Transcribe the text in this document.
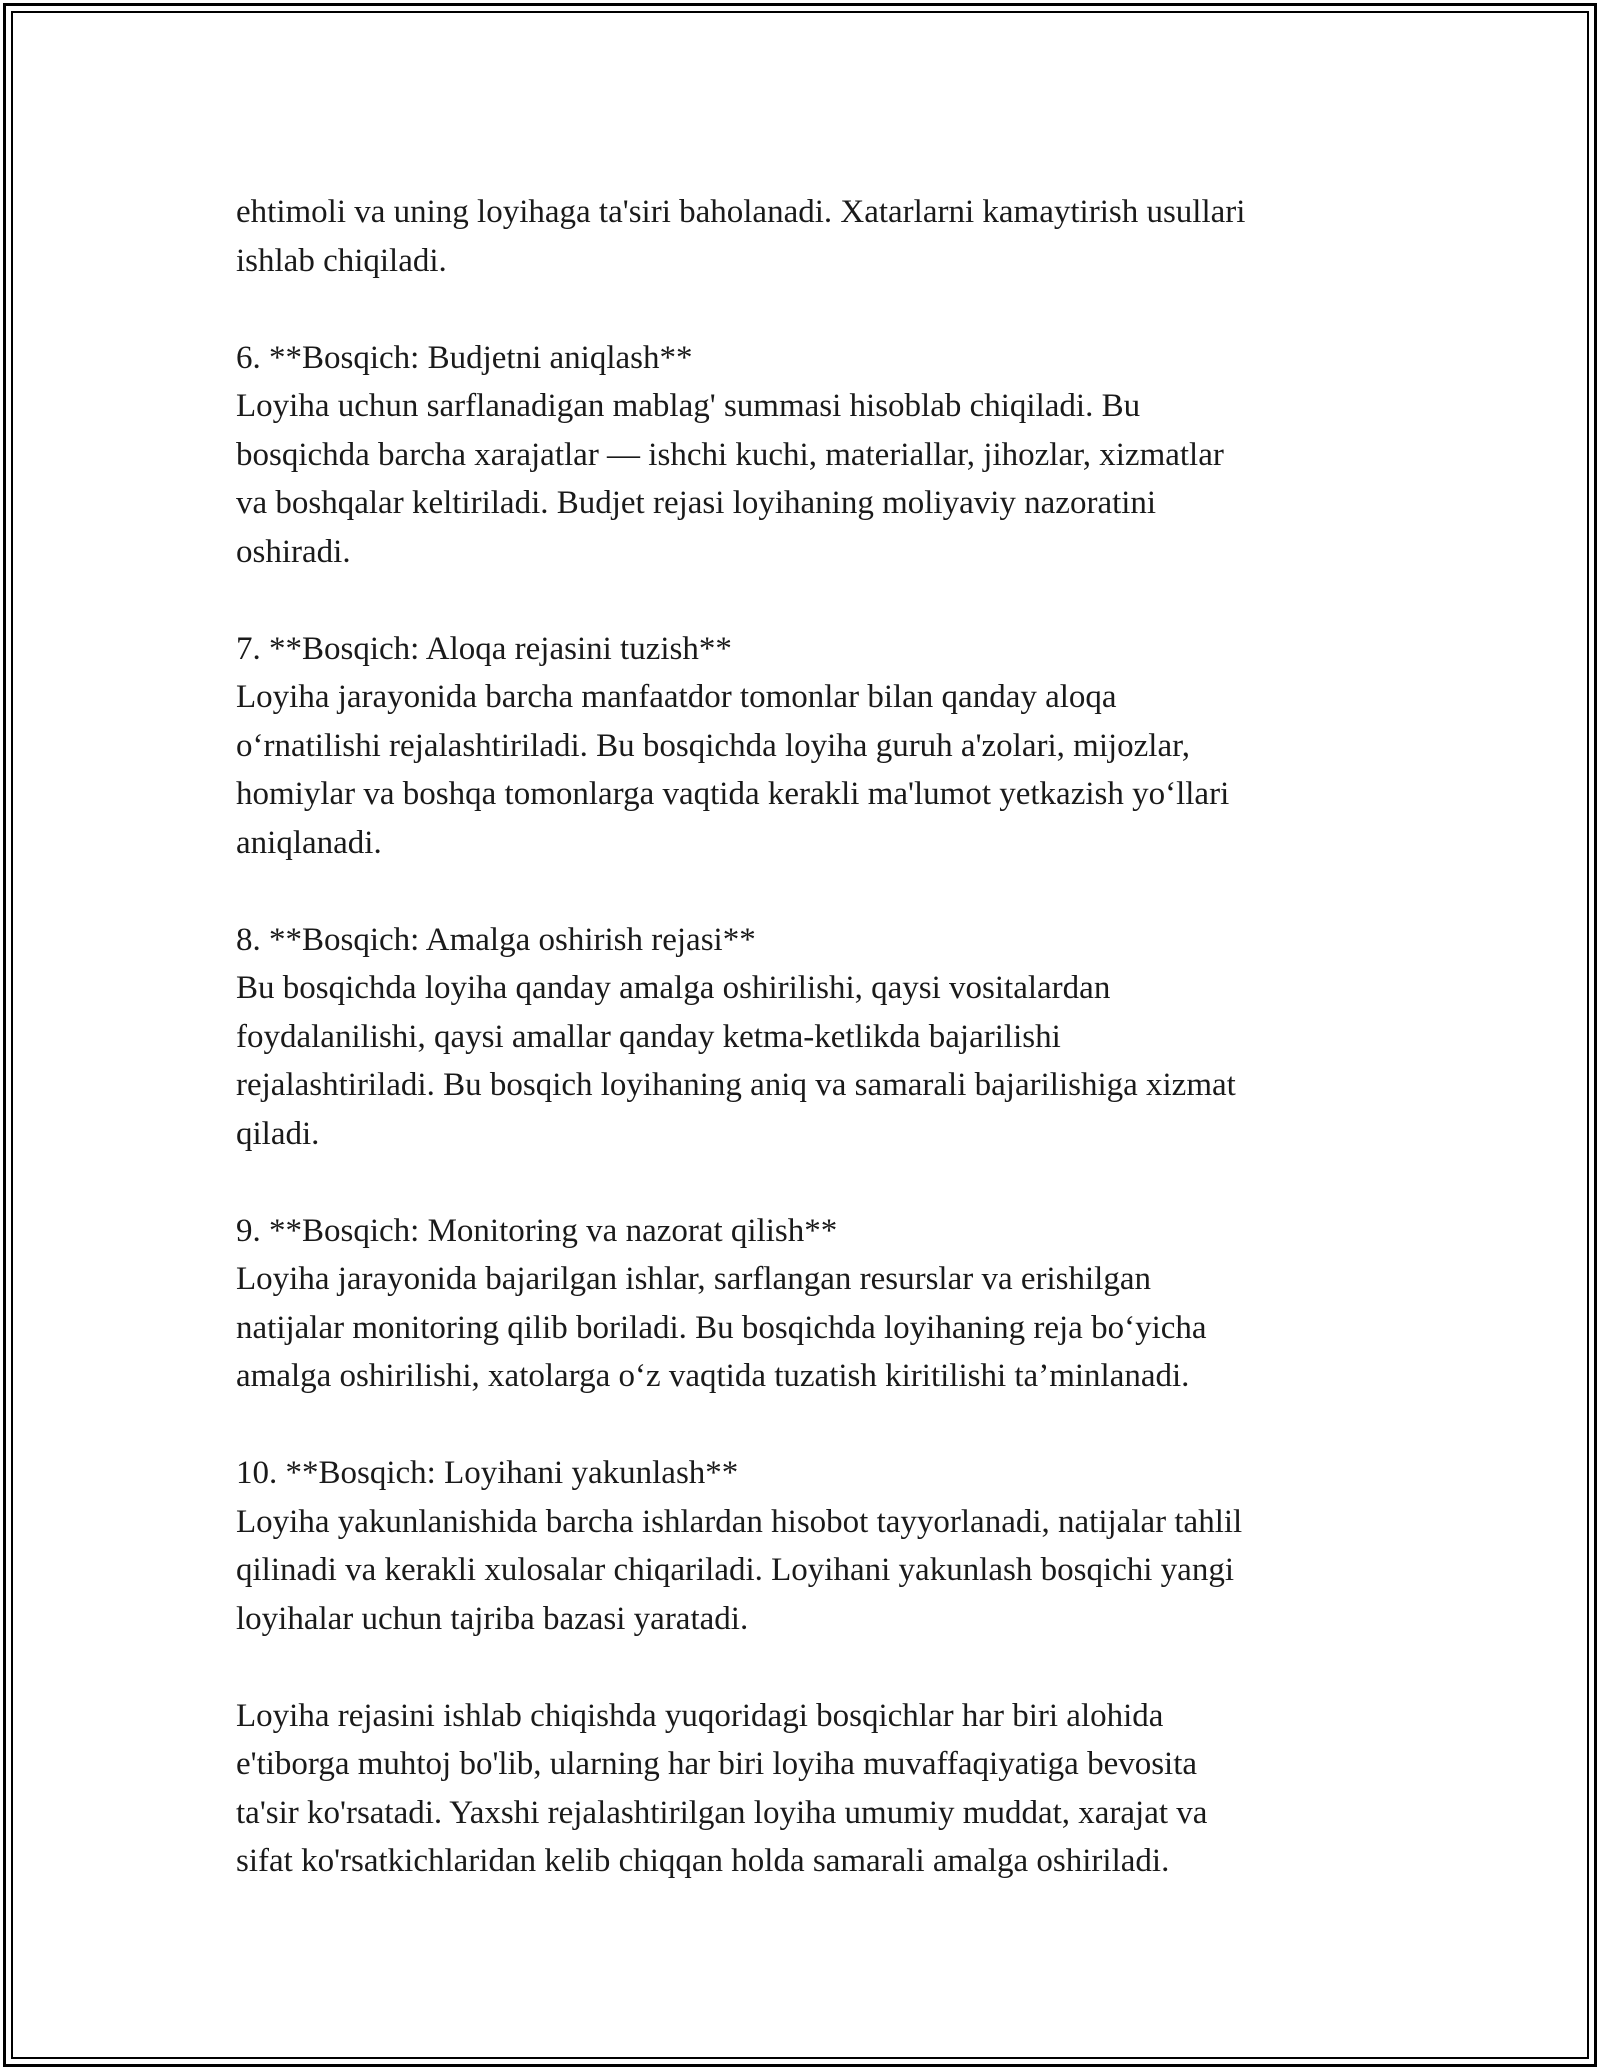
ehtimoli va uning loyihaga ta'siri baholanadi. Xatarlarni kamaytirish usullari
ishlab chiqiladi.

6. **Bosqich: Budjetni aniqlash**
Loyiha uchun sarflanadigan mablag' summasi hisoblab chiqiladi. Bu
bosqichda barcha xarajatlar — ishchi kuchi, materiallar, jihozlar, xizmatlar
va boshqalar keltiriladi. Budjet rejasi loyihaning moliyaviy nazoratini
oshiradi.

7. **Bosqich: Aloqa rejasini tuzish**
Loyiha jarayonida barcha manfaatdor tomonlar bilan qanday aloqa
o‘rnatilishi rejalashtiriladi. Bu bosqichda loyiha guruh a'zolari, mijozlar,
homiylar va boshqa tomonlarga vaqtida kerakli ma'lumot yetkazish yo‘llari
aniqlanadi.

8. **Bosqich: Amalga oshirish rejasi**
Bu bosqichda loyiha qanday amalga oshirilishi, qaysi vositalardan
foydalanilishi, qaysi amallar qanday ketma-ketlikda bajarilishi
rejalashtiriladi. Bu bosqich loyihaning aniq va samarali bajarilishiga xizmat
qiladi.

9. **Bosqich: Monitoring va nazorat qilish**
Loyiha jarayonida bajarilgan ishlar, sarflangan resurslar va erishilgan
natijalar monitoring qilib boriladi. Bu bosqichda loyihaning reja bo‘yicha
amalga oshirilishi, xatolarga o‘z vaqtida tuzatish kiritilishi ta’minlanadi.

10. **Bosqich: Loyihani yakunlash**
Loyiha yakunlanishida barcha ishlardan hisobot tayyorlanadi, natijalar tahlil
qilinadi va kerakli xulosalar chiqariladi. Loyihani yakunlash bosqichi yangi
loyihalar uchun tajriba bazasi yaratadi.

Loyiha rejasini ishlab chiqishda yuqoridagi bosqichlar har biri alohida
e'tiborga muhtoj bo'lib, ularning har biri loyiha muvaffaqiyatiga bevosita
ta'sir ko'rsatadi. Yaxshi rejalashtirilgan loyiha umumiy muddat, xarajat va
sifat ko'rsatkichlaridan kelib chiqqan holda samarali amalga oshiriladi.
